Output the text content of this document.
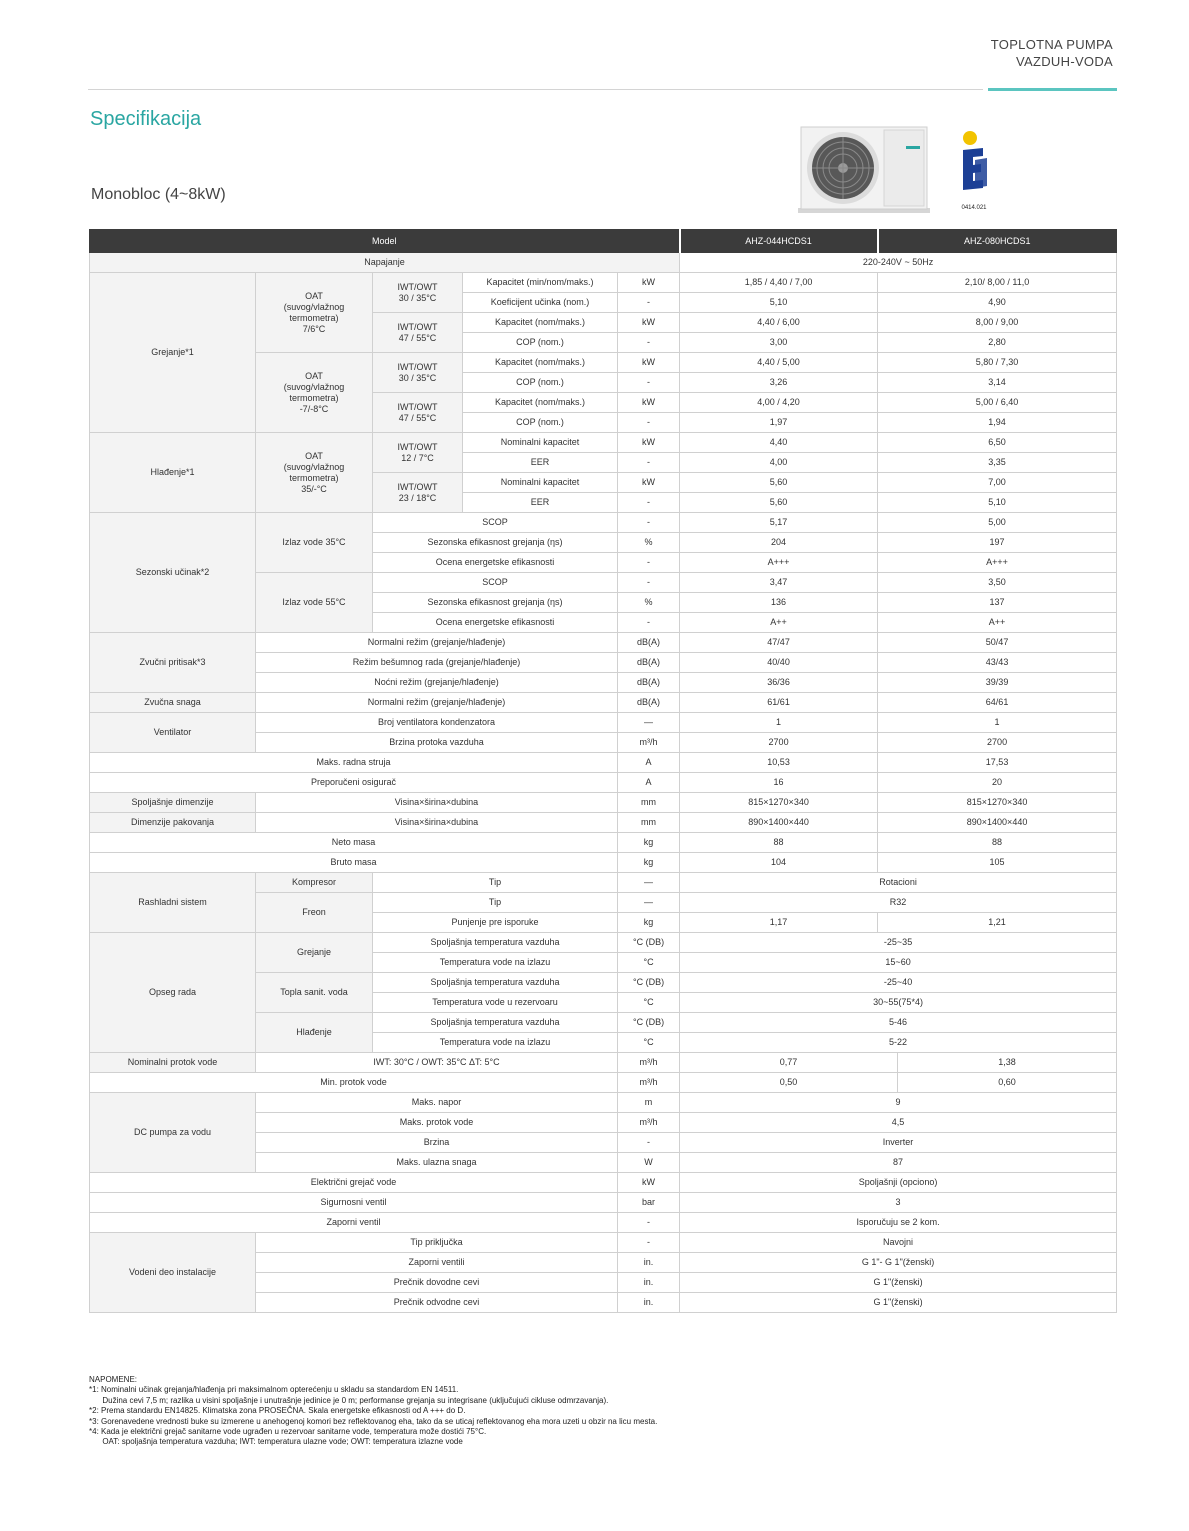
TOPLOTNA PUMPA
VAZDUH-VODA
Specifikacija
Monobloc (4~8kW)
0414.021
Model					AHZ-044HCDS1	AHZ-080HCDS1	
Napajanje					220-240V ~ 50Hz		
Grejanje*1	OAT
(suvog/vlažnog
termometra)
7/6°C	IWT/OWT
30 / 35°C	Kapacitet (min/nom/maks.)	kW	1,85 / 4,40 / 7,00	2,10/ 8,00 / 11,0	
			Koeficijent učinka (nom.)	-	5,10	4,90	
		IWT/OWT
47 / 55°C	Kapacitet (nom/maks.)	kW	4,40 / 6,00	8,00 / 9,00	
			COP (nom.)	-	3,00	2,80	
	OAT
(suvog/vlažnog
termometra)
-7/-8°C	IWT/OWT
30 / 35°C	Kapacitet (nom/maks.)	kW	4,40 / 5,00	5,80 / 7,30	
			COP (nom.)	-	3,26	3,14	
		IWT/OWT
47 / 55°C	Kapacitet (nom/maks.)	kW	4,00 / 4,20	5,00 / 6,40	
			COP (nom.)	-	1,97	1,94	
Hlađenje*1	OAT
(suvog/vlažnog
termometra)
35/-°C	IWT/OWT
12 / 7°C	Nominalni kapacitet	kW	4,40	6,50	
			EER	-	4,00	3,35	
		IWT/OWT
23 / 18°C	Nominalni kapacitet	kW	5,60	7,00	
			EER	-	5,60	5,10	
Sezonski učinak*2	Izlaz vode 35°C	SCOP		-	5,17	5,00	
		Sezonska efikasnost grejanja (ηs)		%	204	197	
		Ocena energetske efikasnosti		-	A+++	A+++	
	Izlaz vode 55°C	SCOP		-	3,47	3,50	
		Sezonska efikasnost grejanja (ηs)		%	136	137	
		Ocena energetske efikasnosti		-	A++	A++	
Zvučni pritisak*3	Normalni režim (grejanje/hlađenje)			dB(A)	47/47	50/47	
	Režim bešumnog rada (grejanje/hlađenje)			dB(A)	40/40	43/43	
	Noćni režim (grejanje/hlađenje)			dB(A)	36/36	39/39	
Zvučna snaga	Normalni režim (grejanje/hlađenje)			dB(A)	61/61	64/61	
Ventilator	Broj ventilatora kondenzatora			—	1	1	
	Brzina protoka vazduha			m³/h	2700	2700	
Maks. radna struja				A	10,53	17,53	
Preporučeni osigurač				A	16	20	
Spoljašnje dimenzije	Visina×širina×dubina			mm	815×1270×340	815×1270×340	
Dimenzije pakovanja	Visina×širina×dubina			mm	890×1400×440	890×1400×440	
Neto masa				kg	88	88	
Bruto masa				kg	104	105	
Rashladni sistem	Kompresor	Tip		—	Rotacioni		
	Freon	Tip		—	R32		
		Punjenje pre isporuke		kg	1,17	1,21	
Opseg rada	Grejanje	Spoljašnja temperatura vazduha		°C (DB)	-25~35		
		Temperatura vode na izlazu		°C	15~60		
	Topla sanit. voda	Spoljašnja temperatura vazduha		°C (DB)	-25~40		
		Temperatura vode u rezervoaru		°C	30~55(75*4)		
	Hlađenje	Spoljašnja temperatura vazduha		°C (DB)	5-46		
		Temperatura vode na izlazu		°C	5-22		
Nominalni protok vode	IWT: 30°C / OWT: 35°C ΔT: 5°C			m³/h	0,77		1,38
Min. protok vode				m³/h	0,50		0,60
DC pumpa za vodu	Maks. napor			m	9		
	Maks. protok vode			m³/h	4,5		
	Brzina			-	Inverter		
	Maks. ulazna snaga			W	87		
Električni grejač vode				kW	Spoljašnji (opciono)		
Sigurnosni ventil				bar	3		
Zaporni ventil				-	Isporučuju se 2 kom.		
Vodeni deo instalacije	Tip priključka			-	Navojni		
	Zaporni ventili			in.	G 1"- G 1"(ženski)		
	Prečnik dovodne cevi			in.	G 1"(ženski)		
	Prečnik odvodne cevi			in.	G 1"(ženski)		
NAPOMENE:
*1: Nominalni učinak grejanja/hlađenja pri maksimalnom opterećenju u skladu sa standardom EN 14511.
Dužina cevi 7,5 m; razlika u visini spoljašnje i unutrašnje jedinice je 0 m; performanse grejanja su integrisane (uključujući cikluse odmrzavanja).
*2: Prema standardu EN14825. Klimatska zona PROSEČNA. Skala energetske efikasnosti od A +++ do D.
*3: Gorenavedene vrednosti buke su izmerene u anehogenoj komori bez reflektovanog eha, tako da se uticaj reflektovanog eha mora uzeti u obzir na licu mesta.
*4: Kada je električni grejač sanitarne vode ugrađen u rezervoar sanitarne vode, temperatura može dostići 75°C.
OAT: spoljašnja temperatura vazduha; IWT: temperatura ulazne vode; OWT: temperatura izlazne vode
